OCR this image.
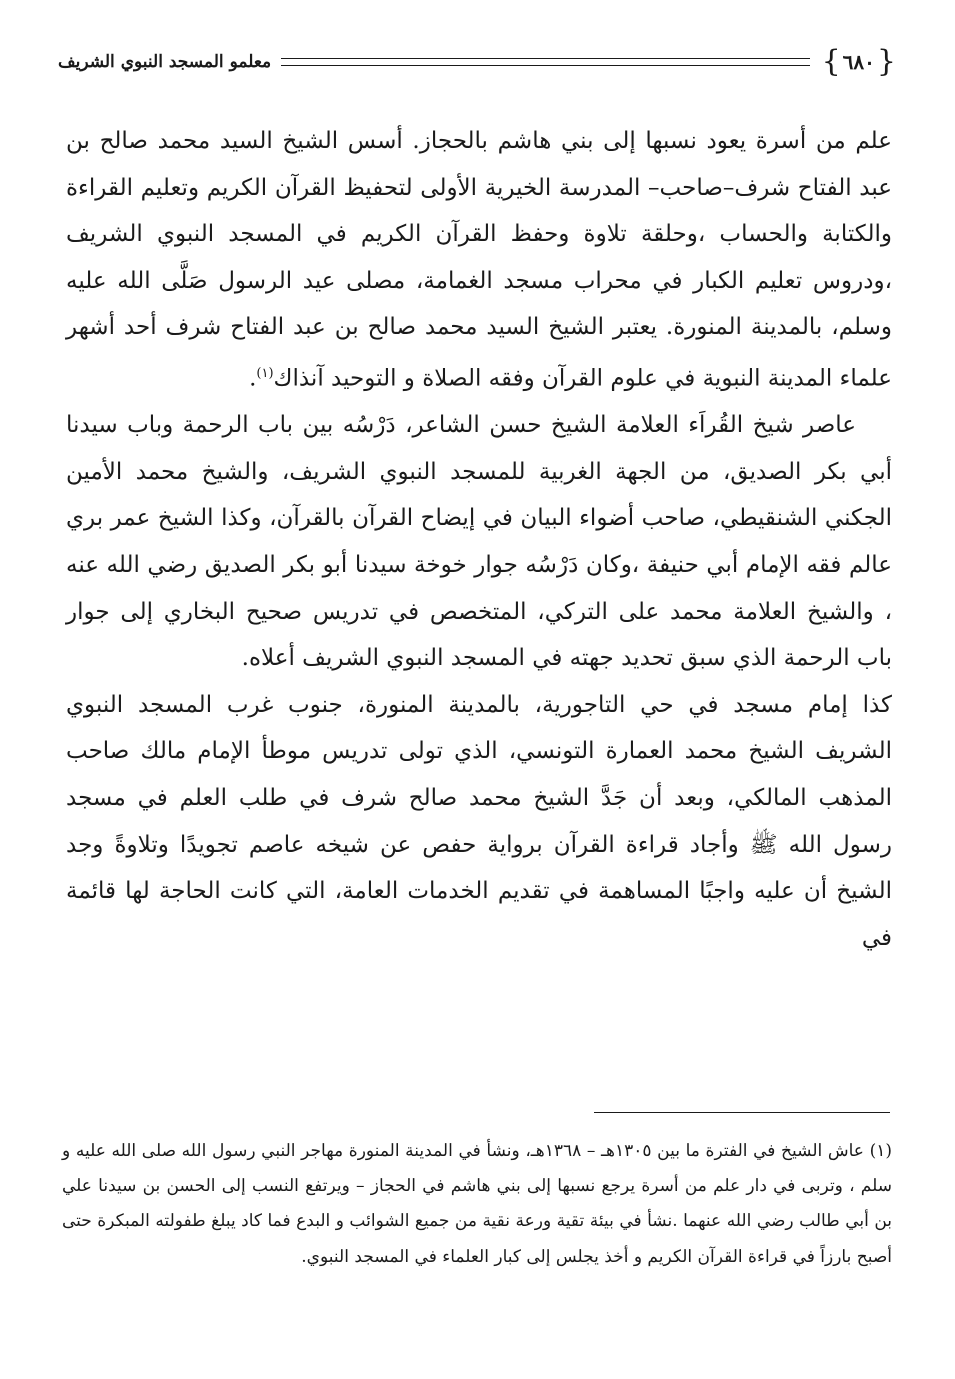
{
٦٨٠
}
معلمو المسجد النبوي الشريف

علم من أسرة يعود نسبها إلى بني هاشم بالحجاز. أسس الشيخ السيد محمد صالح بن عبد الفتاح شرف–صاحب– المدرسة الخيرية الأولى لتحفيظ القرآن الكريم وتعليم القراءة والكتابة والحساب ،وحلقة تلاوة وحفظ القرآن الكريم في المسجد النبوي الشريف ،ودروس تعليم الكبار في محراب مسجد الغمامة، مصلى عيد الرسول صَلَّى الله عليه وسلم، بالمدينة المنورة. يعتبر الشيخ السيد محمد صالح بن عبد الفتاح شرف أحد أشهر علماء المدينة النبوية في علوم القرآن وفقه الصلاة و التوحيد آنذاك$^{(١)}$.

عاصر شيخ القُراَء العلامة الشيخ حسن الشاعر، دَرْسُه بين باب الرحمة وباب سيدنا أبي بكر الصديق، من الجهة الغربية للمسجد النبوي الشريف، والشيخ محمد الأمين الجكني الشنقيطي، صاحب أضواء البيان في إيضاح القرآن بالقرآن، وكذا الشيخ عمر بري عالم فقه الإمام أبي حنيفة ،وكان دَرْسُه جوار خوخة سيدنا أبو بكر الصديق رضي الله عنه ، والشيخ العلامة محمد على التركي، المتخصص في تدريس صحيح البخاري إلى جوار باب الرحمة الذي سبق تحديد جهته في المسجد النبوي الشريف أعلاه.

كذا إمام مسجد في حي التاجورية، بالمدينة المنورة، جنوب غرب المسجد النبوي الشريف الشيخ محمد العمارة التونسي، الذي تولى تدريس موطأ الإمام مالك صاحب المذهب المالكي، وبعد أن جَدَّ الشيخ محمد صالح شرف في طلب العلم في مسجد رسول الله ﷺ وأجاد قراءة القرآن برواية حفص عن شيخه عاصم تجويدًا وتلاوةً وجد الشيخ أن عليه واجبًا المساهمة في تقديم الخدمات العامة، التي كانت الحاجة لها قائمة في

(١) عاش الشيخ في الفترة ما بين ١٣٠٥هـ – ١٣٦٨هـ، ونشأ في المدينة المنورة مهاجر النبي رسول الله صلى الله عليه و سلم ، وتربى في دار علم من أسرة يرجع نسبها إلى بني هاشم في الحجاز – ويرتفع النسب إلى الحسن بن سيدنا علي بن أبي طالب رضي الله عنهما .نشأ في بيئة تقية ورعة نقية من جميع الشوائب و البدع فما كاد يبلغ طفولته المبكرة حتى أصبح بارزاً في قراءة القرآن الكريم و أخذ يجلس إلى كبار العلماء في المسجد النبوي.
